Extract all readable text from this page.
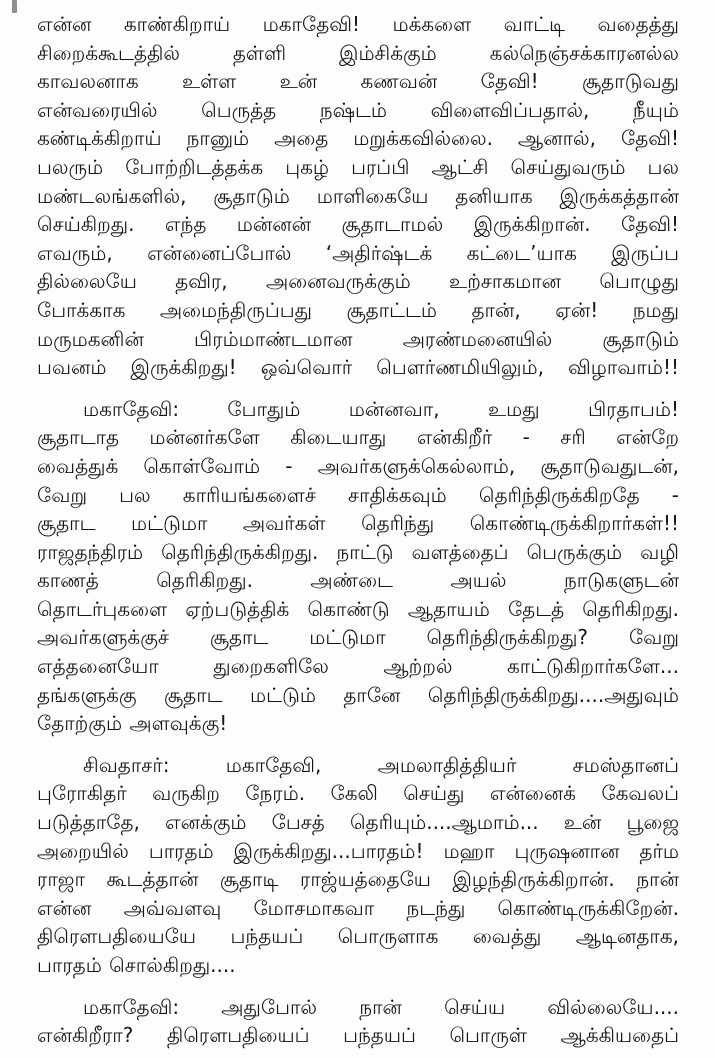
என்ன காண்கிறாய் மகாதேவி! மக்களை வாட்டி வதைத்து
சிறைக்கூடத்தில் தள்ளி இம்சிக்கும் கல்நெஞ்சக்காரனல்ல
காவலனாக உள்ள உன் கணவன் தேவி! சூதாடுவது
என்வரையில் பெருத்த நஷ்டம் விளைவிப்பதால், நீயும்
கண்டிக்கிறாய் நானும் அதை மறுக்கவில்லை. ஆனால், தேவி!
பலரும் போற்றிடத்தக்க புகழ் பரப்பி ஆட்சி செய்துவரும் பல
மண்டலங்களில், சூதாடும் மாளிகையே தனியாக இருக்கத்தான்
செய்கிறது. எந்த மன்னன் சூதாடாமல் இருக்கிறான். தேவி!
எவரும், என்னைப்போல் ‘அதிர்ஷ்டக் கட்டை’யாக இருப்ப
தில்லையே தவிர, அனைவருக்கும் உற்சாகமான பொழுது
போக்காக அமைந்திருப்பது சூதாட்டம் தான், ஏன்! நமது
மருமகனின் பிரம்மாண்டமான அரண்மனையில் சூதாடும்
பவனம் இருக்கிறது! ஒவ்வொர் பௌர்ணமியிலும், விழாவாம்!!
மகாதேவி: போதும் மன்னவா, உமது பிரதாபம்!
சூதாடாத மன்னர்களே கிடையாது என்கிறீர் - சரி என்றே
வைத்துக் கொள்வோம் - அவர்களுக்கெல்லாம், சூதாடுவதுடன்,
வேறு பல காரியங்களைச் சாதிக்கவும் தெரிந்திருக்கிறதே -
சூதாட மட்டுமா அவர்கள் தெரிந்து கொண்டிருக்கிறார்கள்!!
ராஜதந்திரம் தெரிந்திருக்கிறது. நாட்டு வளத்தைப் பெருக்கும் வழி
காணத் தெரிகிறது. அண்டை அயல் நாடுகளுடன்
தொடர்புகளை ஏற்படுத்திக் கொண்டு ஆதாயம் தேடத் தெரிகிறது.
அவர்களுக்குச் சூதாட மட்டுமா தெரிந்திருக்கிறது? வேறு
எத்தனையோ துறைகளிலே ஆற்றல் காட்டுகிறார்களே...
தங்களுக்கு சூதாட மட்டும் தானே தெரிந்திருக்கிறது....அதுவும்
தோற்கும் அளவுக்கு!
சிவதாசர்: மகாதேவி, அமலாதித்தியர் சமஸ்தானப்
புரோகிதர் வருகிற நேரம். கேலி செய்து என்னைக் கேவலப்
படுத்தாதே, எனக்கும் பேசத் தெரியும்....ஆமாம்... உன் பூஜை
அறையில் பாரதம் இருக்கிறது...பாரதம்! மஹா புருஷனான தர்ம
ராஜா கூடத்தான் சூதாடி ராஜ்யத்தையே இழந்திருக்கிறான். நான்
என்ன அவ்வளவு மோசமாகவா நடந்து கொண்டிருக்கிறேன்.
திரௌபதியையே பந்தயப் பொருளாக வைத்து ஆடினதாக,
பாரதம் சொல்கிறது....
மகாதேவி: அதுபோல் நான் செய்ய வில்லையே....
என்கிறீரா? திரௌபதியைப் பந்தயப் பொருள் ஆக்கியதைப்
